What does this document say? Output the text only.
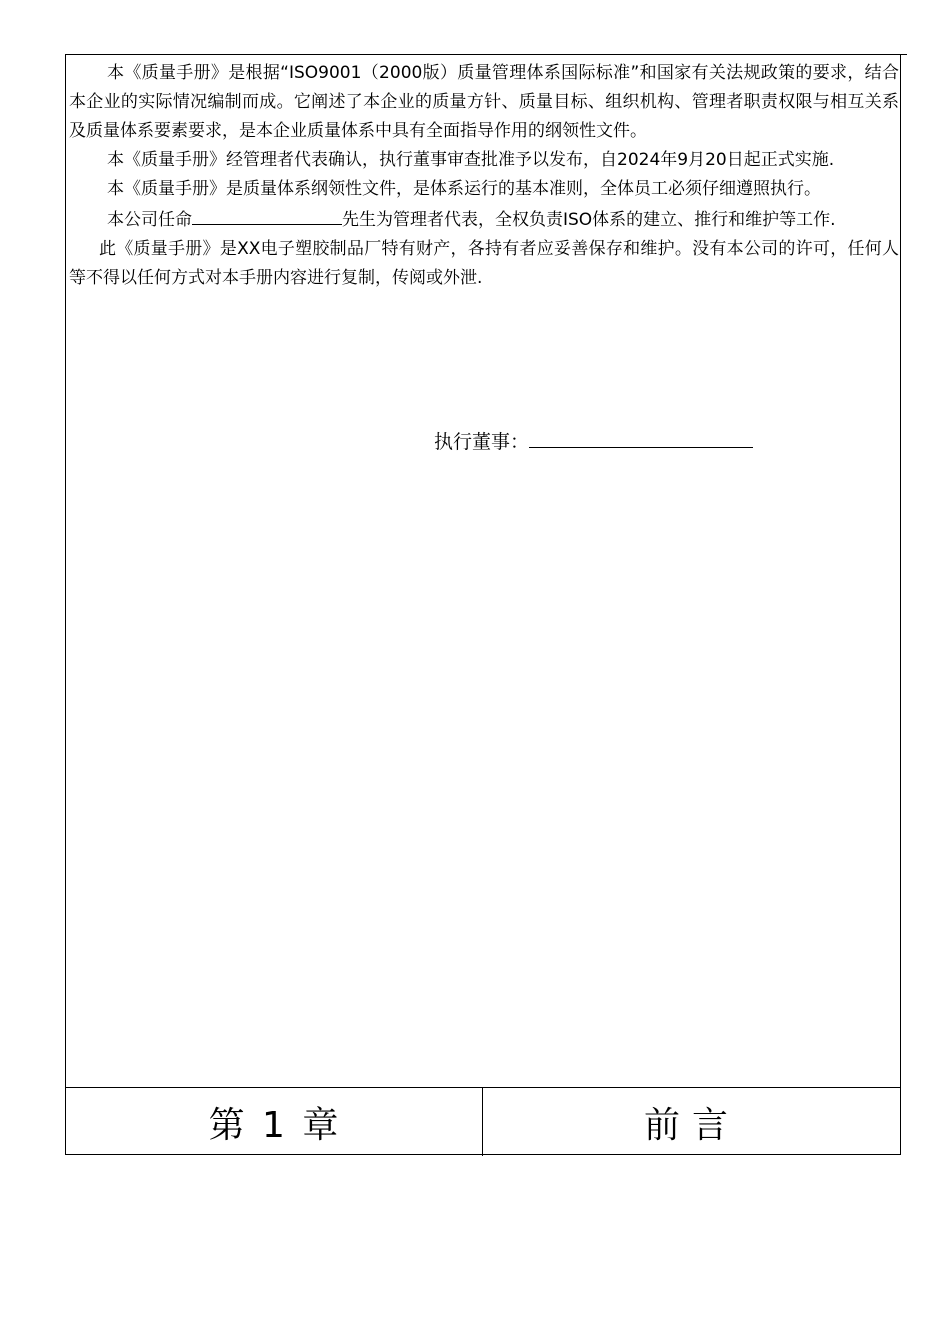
本《质量手册》是根据“ISO9001（2000版）质量管理体系国际标准”和国家有关法规政策的要求，结合本企业的实际情况编制而成。它阐述了本企业的质量方针、质量目标、组织机构、管理者职责权限与相互关系及质量体系要素要求，是本企业质量体系中具有全面指导作用的纲领性文件。

本《质量手册》经管理者代表确认，执行董事审查批准予以发布，自2024年9月20日起正式实施.

本《质量手册》是质量体系纲领性文件，是体系运行的基本准则，全体员工必须仔细遵照执行。

本公司任命	先生为管理者代表，全权负责ISO体系的建立、推行和维护等工作.

此《质量手册》是XX电子塑胶制品厂特有财产，各持有者应妥善保存和维护。没有本公司的许可，任何人等不得以任何方式对本手册内容进行复制，传阅或外泄.

执行董事：
第 1 章	前言
